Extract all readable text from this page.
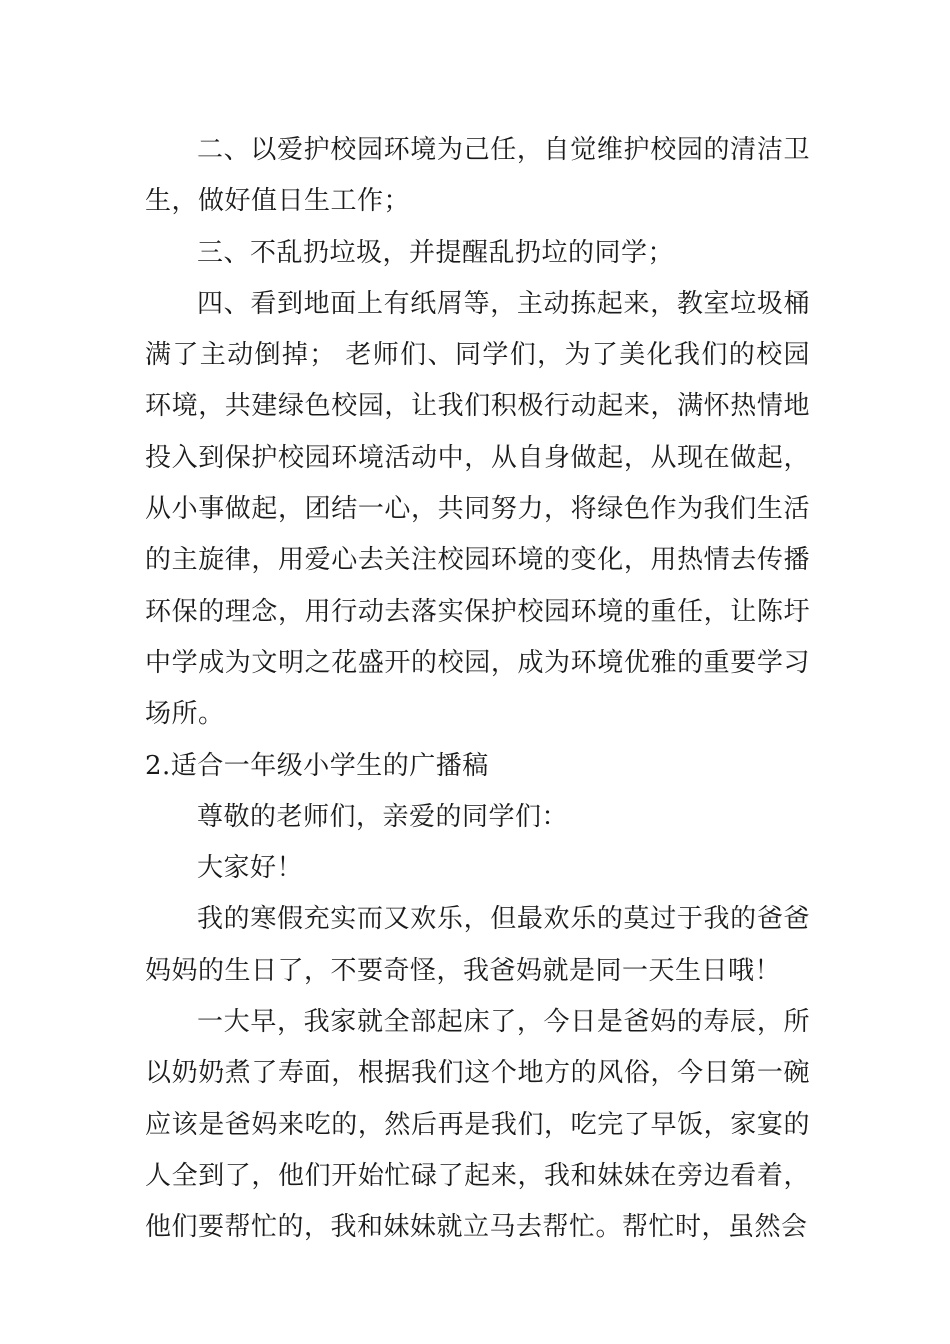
二、以爱护校园环境为己任，自觉维护校园的清洁卫生，做好值日生工作；

三、不乱扔垃圾，并提醒乱扔垃的同学；

四、看到地面上有纸屑等，主动拣起来，教室垃圾桶满了主动倒掉； 老师们、同学们，为了美化我们的校园环境，共建绿色校园，让我们积极行动起来，满怀热情地投入到保护校园环境活动中，从自身做起，从现在做起，从小事做起，团结一心，共同努力，将绿色作为我们生活的主旋律，用爱心去关注校园环境的变化，用热情去传播环保的理念，用行动去落实保护校园环境的重任，让陈圩中学成为文明之花盛开的校园，成为环境优雅的重要学习场所。

2.适合一年级小学生的广播稿

尊敬的老师们，亲爱的同学们：

大家好！

我的寒假充实而又欢乐，但最欢乐的莫过于我的爸爸妈妈的生日了，不要奇怪，我爸妈就是同一天生日哦！

一大早，我家就全部起床了，今日是爸妈的寿辰，所以奶奶煮了寿面，根据我们这个地方的风俗，今日第一碗应该是爸妈来吃的，然后再是我们，吃完了早饭，家宴的人全到了，他们开始忙碌了起来，我和妹妹在旁边看着，他们要帮忙的，我和妹妹就立马去帮忙。帮忙时，虽然会
